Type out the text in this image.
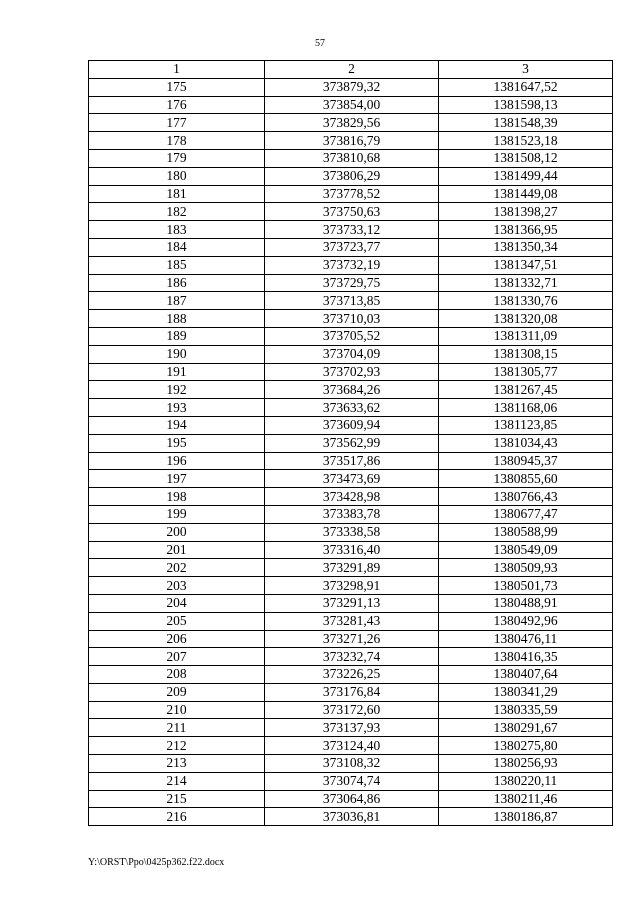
57
1	2	3
175	373879,32	1381647,52
176	373854,00	1381598,13
177	373829,56	1381548,39
178	373816,79	1381523,18
179	373810,68	1381508,12
180	373806,29	1381499,44
181	373778,52	1381449,08
182	373750,63	1381398,27
183	373733,12	1381366,95
184	373723,77	1381350,34
185	373732,19	1381347,51
186	373729,75	1381332,71
187	373713,85	1381330,76
188	373710,03	1381320,08
189	373705,52	1381311,09
190	373704,09	1381308,15
191	373702,93	1381305,77
192	373684,26	1381267,45
193	373633,62	1381168,06
194	373609,94	1381123,85
195	373562,99	1381034,43
196	373517,86	1380945,37
197	373473,69	1380855,60
198	373428,98	1380766,43
199	373383,78	1380677,47
200	373338,58	1380588,99
201	373316,40	1380549,09
202	373291,89	1380509,93
203	373298,91	1380501,73
204	373291,13	1380488,91
205	373281,43	1380492,96
206	373271,26	1380476,11
207	373232,74	1380416,35
208	373226,25	1380407,64
209	373176,84	1380341,29
210	373172,60	1380335,59
211	373137,93	1380291,67
212	373124,40	1380275,80
213	373108,32	1380256,93
214	373074,74	1380220,11
215	373064,86	1380211,46
216	373036,81	1380186,87
Y:\ORST\Ppo\0425p362.f22.docx
